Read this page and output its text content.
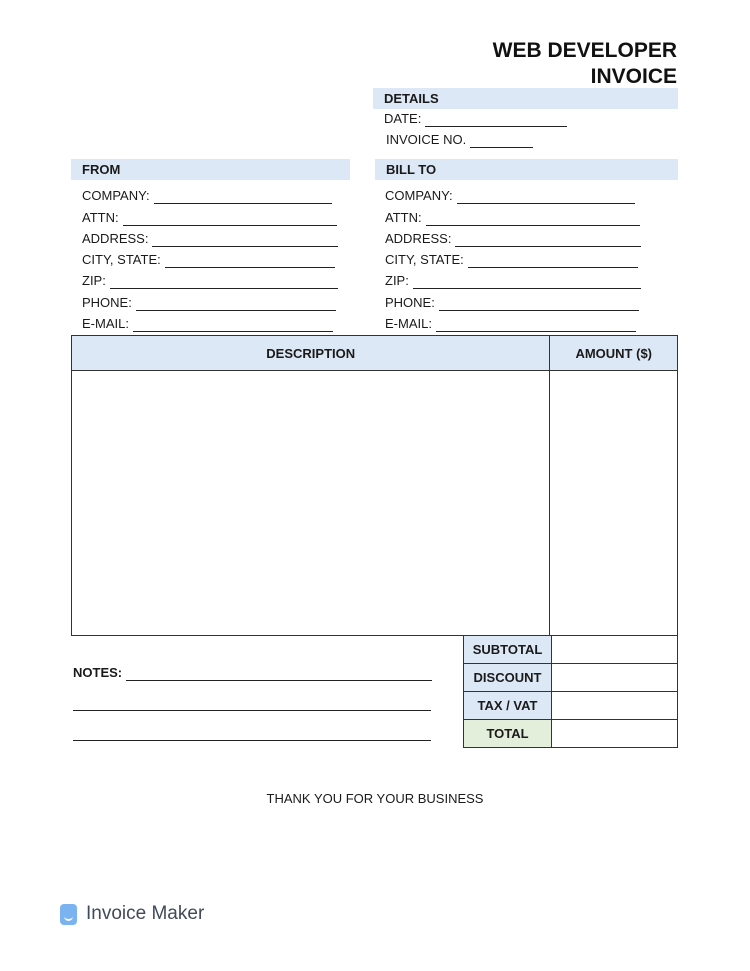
WEB DEVELOPER
INVOICE
DETAILS
DATE:
INVOICE NO.
FROM
COMPANY:
ATTN:
ADDRESS:
CITY, STATE:
ZIP:
PHONE:
E-MAIL:
BILL TO
COMPANY:
ATTN:
ADDRESS:
CITY, STATE:
ZIP:
PHONE:
E-MAIL:
DESCRIPTION	AMOUNT ($)

SUBTOTAL	
DISCOUNT	
TAX / VAT	
TOTAL	
NOTES:
THANK YOU FOR YOUR BUSINESS
Invoice Maker
